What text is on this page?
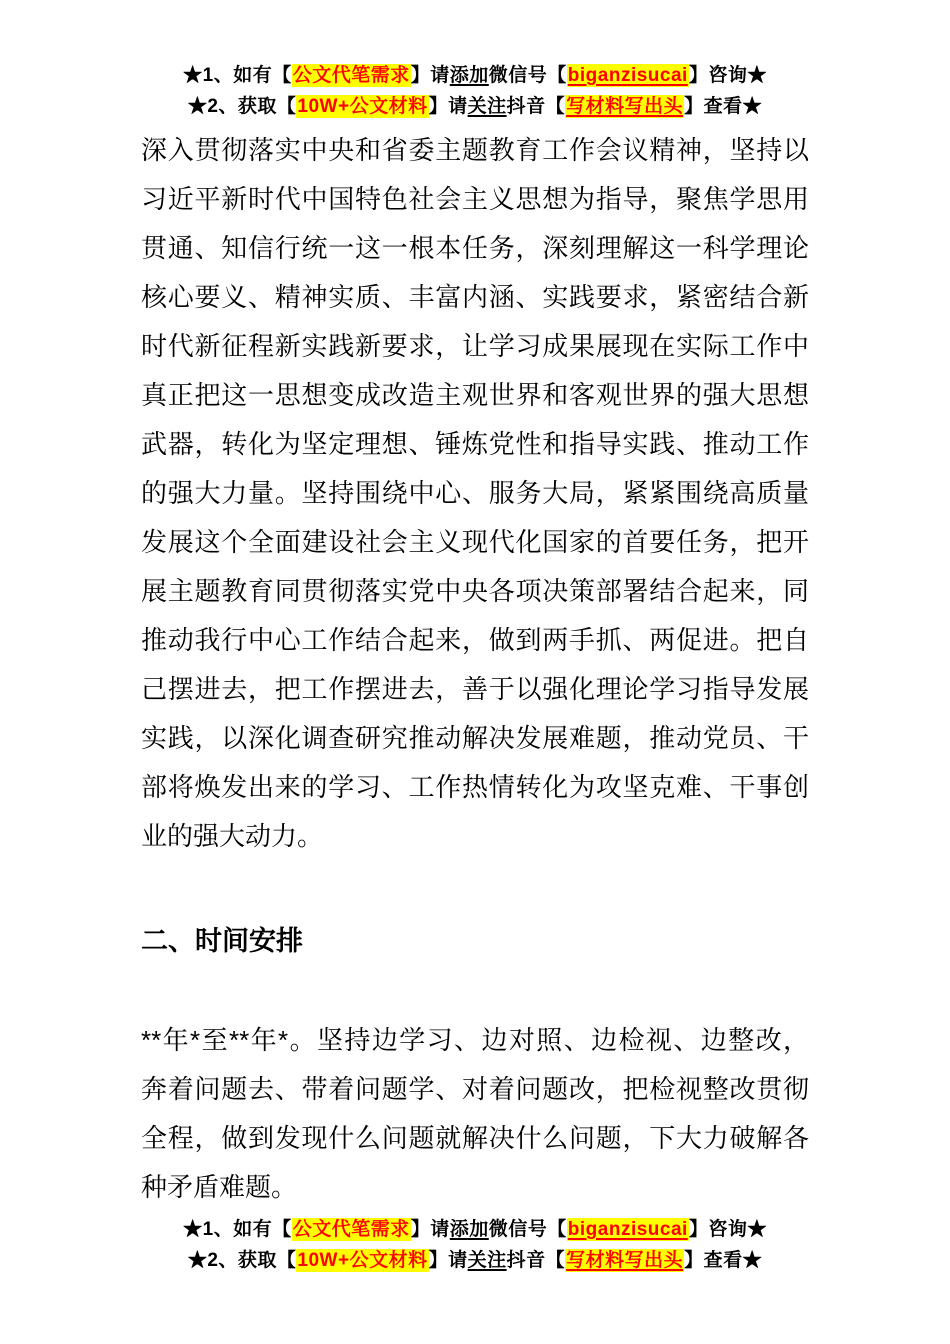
★1、如有【公文代笔需求】请添加微信号【biganzisucai】咨询★
★2、获取【10W+公文材料】请关注抖音【写材料写出头】查看★
深入贯彻落实中央和省委主题教育工作会议精神，坚持以
习近平新时代中国特色社会主义思想为指导，聚焦学思用
贯通、知信行统一这一根本任务，深刻理解这一科学理论
核心要义、精神实质、丰富内涵、实践要求，紧密结合新
时代新征程新实践新要求，让学习成果展现在实际工作中
真正把这一思想变成改造主观世界和客观世界的强大思想
武器，转化为坚定理想、锤炼党性和指导实践、推动工作
的强大力量。坚持围绕中心、服务大局，紧紧围绕高质量
发展这个全面建设社会主义现代化国家的首要任务，把开
展主题教育同贯彻落实党中央各项决策部署结合起来，同
推动我行中心工作结合起来，做到两手抓、两促进。把自
己摆进去，把工作摆进去，善于以强化理论学习指导发展
实践，以深化调查研究推动解决发展难题，推动党员、干
部将焕发出来的学习、工作热情转化为攻坚克难、干事创
业的强大动力。
二、时间安排
**年*至**年*。坚持边学习、边对照、边检视、边整改，
奔着问题去、带着问题学、对着问题改，把检视整改贯彻
全程，做到发现什么问题就解决什么问题，下大力破解各
种矛盾难题。
★1、如有【公文代笔需求】请添加微信号【biganzisucai】咨询★
★2、获取【10W+公文材料】请关注抖音【写材料写出头】查看★
